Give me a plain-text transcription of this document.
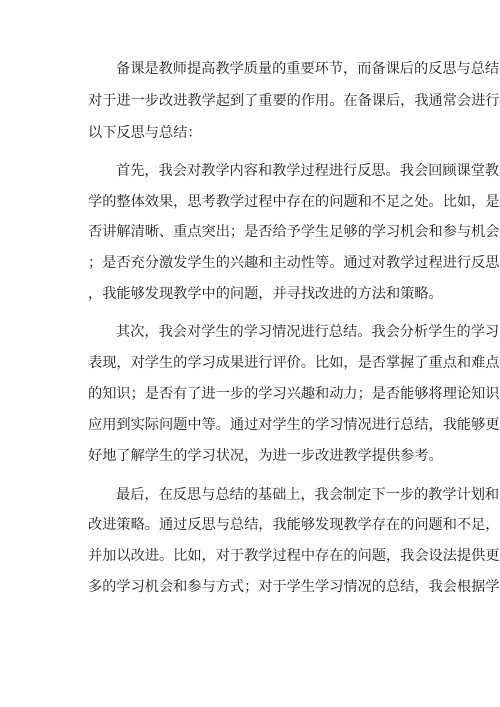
备课是教师提高教学质量的重要环节，而备课后的反思与总结
对于进一步改进教学起到了重要的作用。在备课后，我通常会进行
以下反思与总结：
首先，我会对教学内容和教学过程进行反思。我会回顾课堂教
学的整体效果，思考教学过程中存在的问题和不足之处。比如，是
否讲解清晰、重点突出；是否给予学生足够的学习机会和参与机会
；是否充分激发学生的兴趣和主动性等。通过对教学过程进行反思
，我能够发现教学中的问题，并寻找改进的方法和策略。
其次，我会对学生的学习情况进行总结。我会分析学生的学习
表现，对学生的学习成果进行评价。比如，是否掌握了重点和难点
的知识；是否有了进一步的学习兴趣和动力；是否能够将理论知识
应用到实际问题中等。通过对学生的学习情况进行总结，我能够更
好地了解学生的学习状况，为进一步改进教学提供参考。
最后，在反思与总结的基础上，我会制定下一步的教学计划和
改进策略。通过反思与总结，我能够发现教学存在的问题和不足，
并加以改进。比如，对于教学过程中存在的问题，我会设法提供更
多的学习机会和参与方式；对于学生学习情况的总结，我会根据学
